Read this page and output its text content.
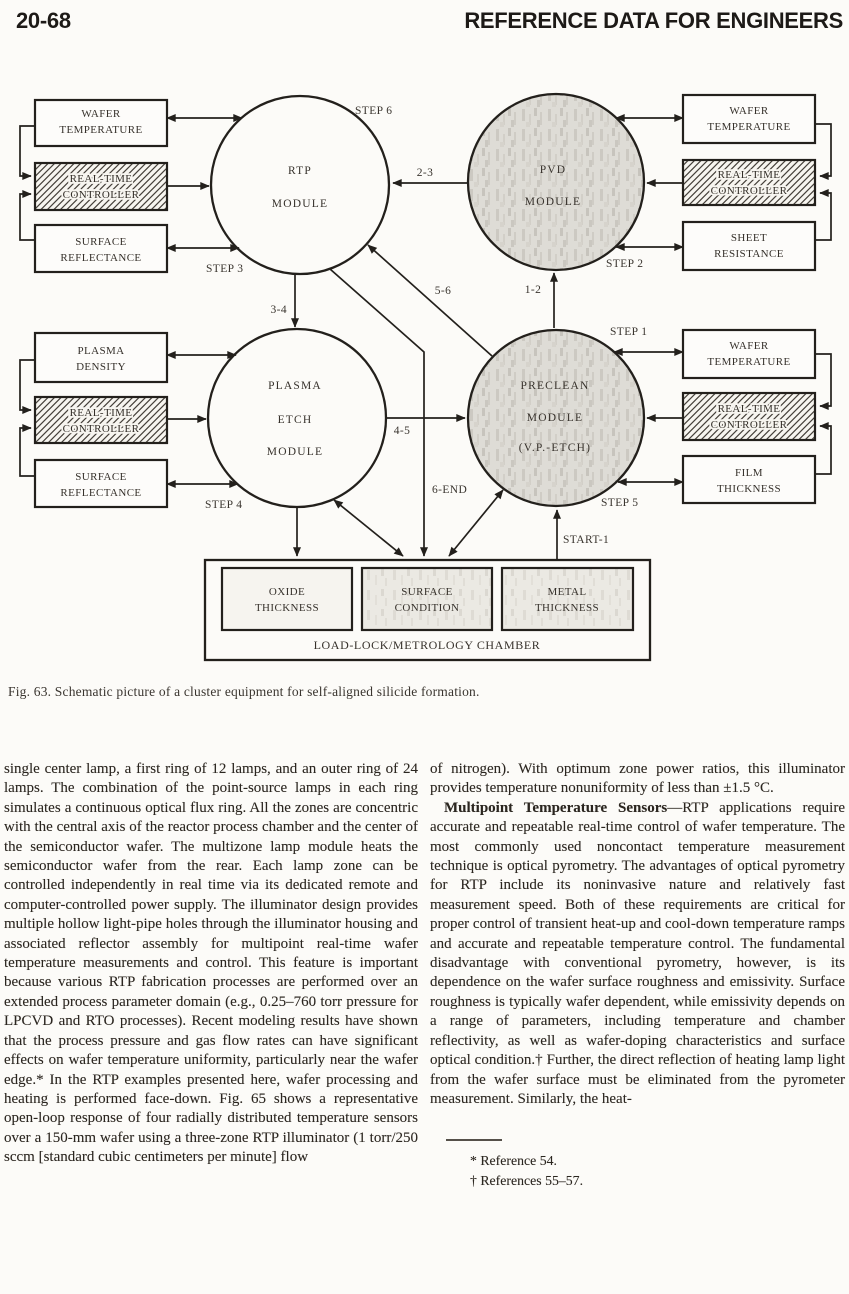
20-68	REFERENCE DATA FOR ENGINEERS
RTP
MODULE
PVD
MODULE
PLASMA
ETCH
MODULE
PRECLEAN
MODULE
(V.P.-ETCH)
WAFER
TEMPERATURE
REAL-TIME
CONTROLLER
SURFACE
REFLECTANCE
WAFER
TEMPERATURE
REAL-TIME
CONTROLLER
SHEET
RESISTANCE
PLASMA
DENSITY
REAL-TIME
CONTROLLER
SURFACE
REFLECTANCE
WAFER
TEMPERATURE
REAL-TIME
CONTROLLER
FILM
THICKNESS
OXIDE
THICKNESS
SURFACE
CONDITION
METAL
THICKNESS
LOAD-LOCK/METROLOGY CHAMBER
STEP 6
STEP 3	STEP 2
STEP 1
STEP 4	STEP 5
2-3
3-4
5-6	1-2
4-5
6-END
START-1
Fig. 63. Schematic picture of a cluster equipment for self-aligned silicide formation.

single center lamp, a first ring of 12 lamps, and an outer ring of 24 lamps. The combination of the point-source lamps in each ring simulates a continuous optical flux ring. All the zones are concentric with the central axis of the reactor process chamber and the center of the semiconductor wafer. The multizone lamp module heats the semiconductor wafer from the rear. Each lamp zone can be controlled independently in real time via its dedicated remote and computer-controlled power supply. The illuminator design provides multiple hollow light-pipe holes through the illuminator housing and associated reflector assembly for multipoint real-time wafer temperature measurements and control. This feature is important because various RTP fabrication processes are performed over an extended process parameter domain (e.g., 0.25–760 torr pressure for LPCVD and RTO processes). Recent modeling results have shown that the process pressure and gas flow rates can have significant effects on wafer temperature uniformity, particularly near the wafer edge.* In the RTP examples presented here, wafer processing and heating is performed face-down. Fig. 65 shows a representative open-loop response of four radially distributed temperature sensors over a 150-mm wafer using a three-zone RTP illuminator (1 torr/250 sccm [standard cubic centimeters per minute] flow

of nitrogen). With optimum zone power ratios, this illuminator provides temperature nonuniformity of less than ±1.5 °C.

Multipoint Temperature Sensors—RTP applications require accurate and repeatable real-time control of wafer temperature. The most commonly used noncontact temperature measurement technique is optical pyrometry. The advantages of optical pyrometry for RTP include its noninvasive nature and relatively fast measurement speed. Both of these requirements are critical for proper control of transient heat-up and cool-down temperature ramps and accurate and repeatable temperature control. The fundamental disadvantage with conventional pyrometry, however, is its dependence on the wafer surface roughness and emissivity. Surface roughness is typically wafer dependent, while emissivity depends on a range of parameters, including temperature and chamber reflectivity, as well as wafer-doping characteristics and surface optical condition.† Further, the direct reflection of heating lamp light from the wafer surface must be eliminated from the pyrometer measurement. Similarly, the heat-

* Reference 54.
† References 55–57.
